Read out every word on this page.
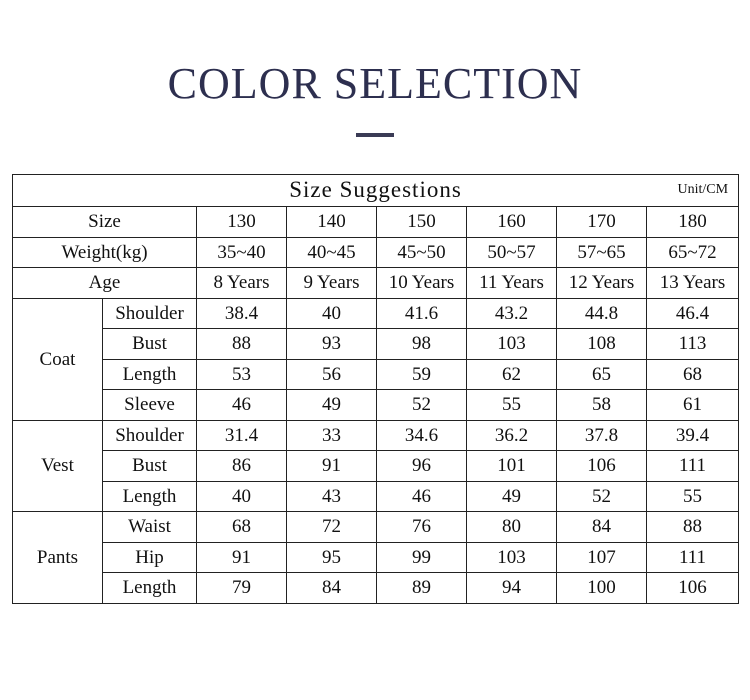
COLOR SELECTION
Size Suggestions Unit/CM							

Size		130	140	150	160	170	180
Weight(kg)		35~40	40~45	45~50	50~57	57~65	65~72
Age		8 Years	9 Years	10 Years	11 Years	12 Years	13 Years
Coat	Shoulder	38.4	40	41.6	43.2	44.8	46.4
	Bust	88	93	98	103	108	113
	Length	53	56	59	62	65	68
	Sleeve	46	49	52	55	58	61
Vest	Shoulder	31.4	33	34.6	36.2	37.8	39.4
	Bust	86	91	96	101	106	111
	Length	40	43	46	49	52	55
Pants	Waist	68	72	76	80	84	88
	Hip	91	95	99	103	107	111
	Length	79	84	89	94	100	106
